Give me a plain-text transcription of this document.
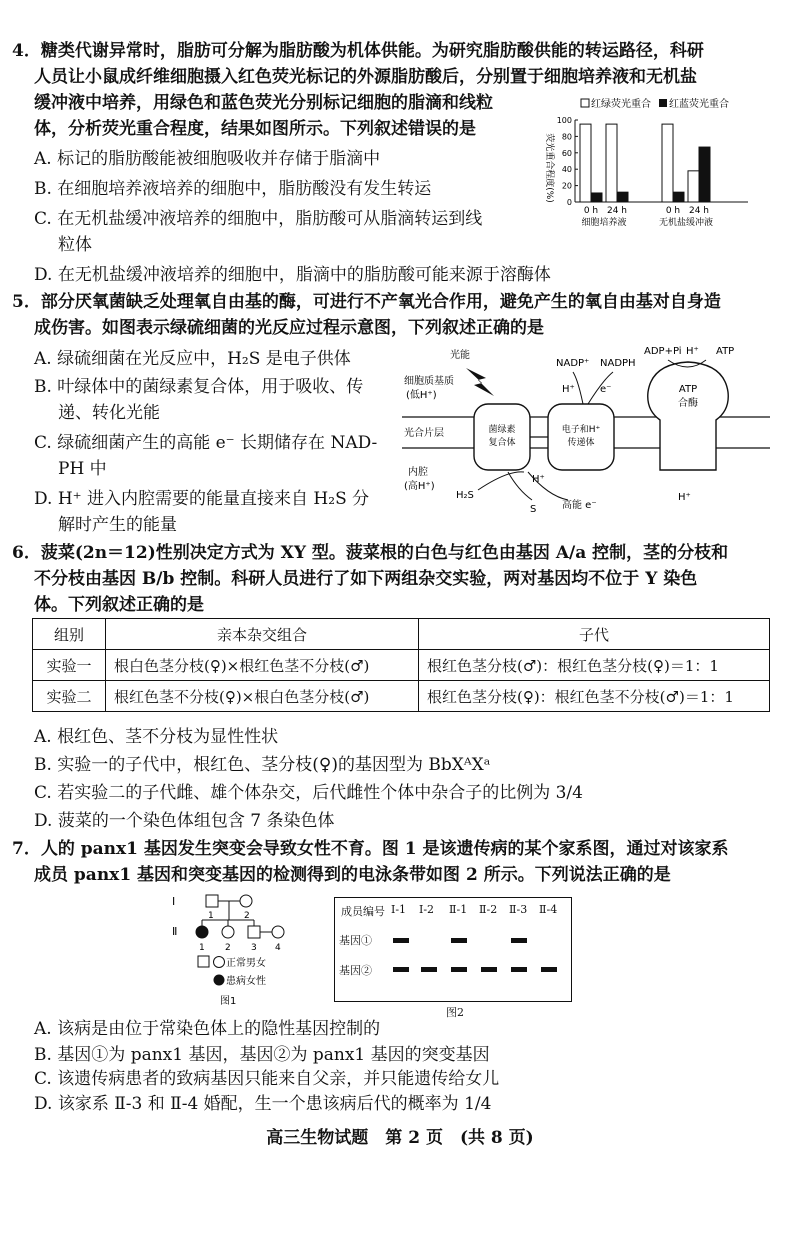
4．糖类代谢异常时，脂肪可分解为脂肪酸为机体供能。为研究脂肪酸供能的转运路径，科研
人员让小鼠成纤维细胞摄入红色荧光标记的外源脂肪酸后，分别置于细胞培养液和无机盐
缓冲液中培养，用绿色和蓝色荧光分别标记细胞的脂滴和线粒
体，分析荧光重合程度，结果如图所示。下列叙述错误的是
A. 标记的脂肪酸能被细胞吸收并存储于脂滴中
B. 在细胞培养液培养的细胞中，脂肪酸没有发生转运
C. 在无机盐缓冲液培养的细胞中，脂肪酸可从脂滴转运到线
粒体
D. 在无机盐缓冲液培养的细胞中，脂滴中的脂肪酸可能来源于溶酶体
红绿荧光重合 红蓝荧光重合
荧光重合程度(%) 0
20
40
60
80
100
0 h 24 h	0 h 24 h
细胞培养液	无机盐缓冲液
5．部分厌氧菌缺乏处理氧自由基的酶，可进行不产氧光合作用，避免产生的氧自由基对自身造
成伤害。如图表示绿硫细菌的光反应过程示意图，下列叙述正确的是
A. 绿硫细菌在光反应中，H₂S 是电子供体
B. 叶绿体中的菌绿素复合体，用于吸收、传
递、转化光能
C. 绿硫细菌产生的高能 e⁻ 长期储存在 NAD-
PH 中
D. H⁺ 进入内腔需要的能量直接来自 H₂S 分
解时产生的能量
细胞质基质
(低H⁺)
光合片层
内腔
(高H⁺)
光能
菌绿素
复合体
电子和H⁺
传递体
ATP
合酶
NADP⁺ NADPH
ADP+Pi H⁺ ATP
H⁺	e⁻
H₂S
S
H⁺
高能 e⁻
H⁺
6．菠菜(2n＝12)性别决定方式为 XY 型。菠菜根的白色与红色由基因 A/a 控制，茎的分枝和
不分枝由基因 B/b 控制。科研人员进行了如下两组杂交实验，两对基因均不位于 Y 染色
体。下列叙述正确的是
组别	亲本杂交组合	子代
实验一	根白色茎分枝(♀)×根红色茎不分枝(♂)	根红色茎分枝(♂)：根红色茎分枝(♀)＝1：1
实验二	根红色茎不分枝(♀)×根白色茎分枝(♂)	根红色茎分枝(♀)：根红色茎不分枝(♂)＝1：1
A. 根红色、茎不分枝为显性性状
B. 实验一的子代中，根红色、茎分枝(♀)的基因型为 BbXᴬXᵃ
C. 若实验二的子代雌、雄个体杂交，后代雌性个体中杂合子的比例为 3/4
D. 菠菜的一个染色体组包含 7 条染色体
7．人的 panx1 基因发生突变会导致女性不育。图 1 是该遗传病的某个家系图，通过对该家系
成员 panx1 基因和突变基因的检测得到的电泳条带如图 2 所示。下列说法正确的是
Ⅰ
Ⅱ
1	2
1 2 3 4
正常男女
患病女性
图1
成员编号 Ⅰ-1 Ⅰ-2 Ⅱ-1 Ⅱ-2 Ⅱ-3 Ⅱ-4
基因①
基因②
图2
A. 该病是由位于常染色体上的隐性基因控制的
B. 基因①为 panx1 基因，基因②为 panx1 基因的突变基因
C. 该遗传病患者的致病基因只能来自父亲，并只能遗传给女儿
D. 该家系 Ⅱ-3 和 Ⅱ-4 婚配，生一个患该病后代的概率为 1/4
高三生物试题　第 2 页　(共 8 页)
